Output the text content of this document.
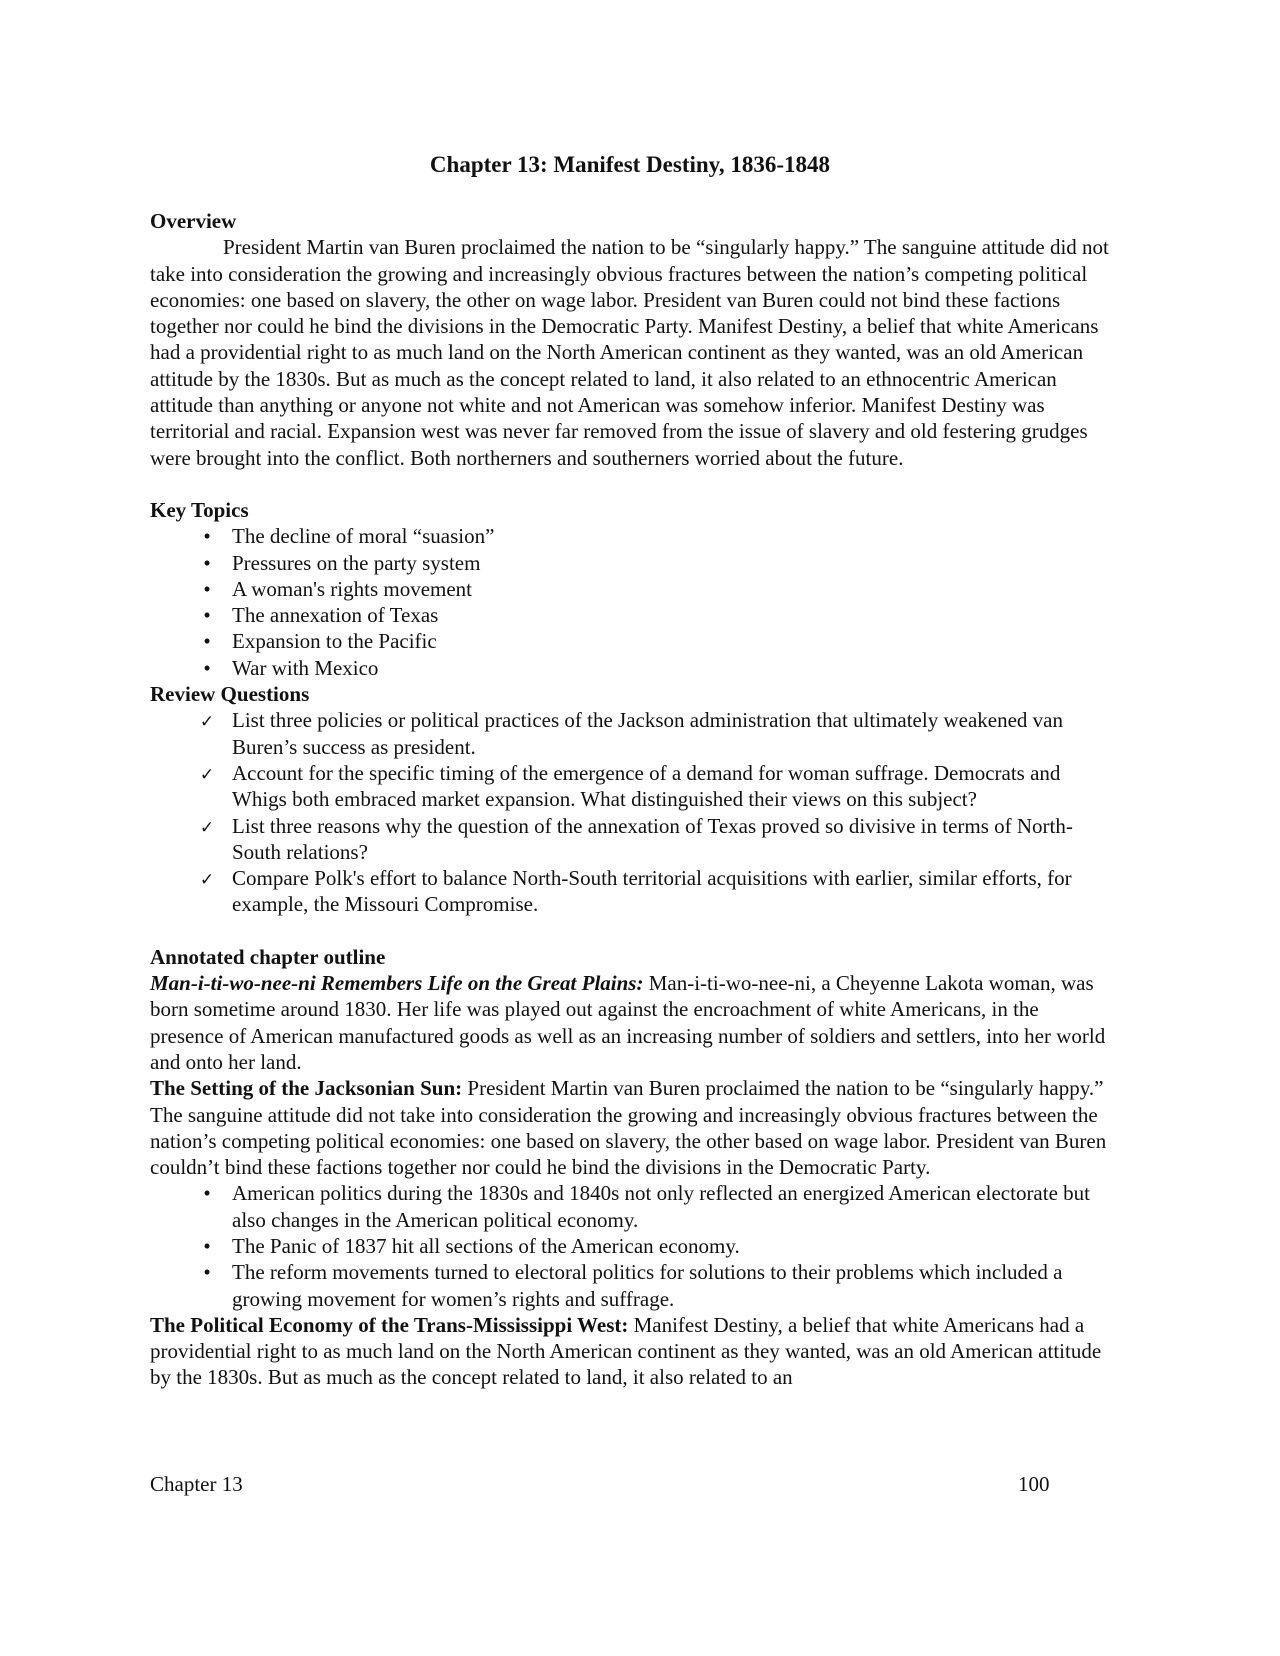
Chapter 13: Manifest Destiny, 1836-1848
Overview

President Martin van Buren proclaimed the nation to be “singularly happy.” The sanguine attitude did not take into consideration the growing and increasingly obvious fractures between the nation’s competing political economies: one based on slavery, the other on wage labor. President van Buren could not bind these factions together nor could he bind the divisions in the Democratic Party. Manifest Destiny, a belief that white Americans had a providential right to as much land on the North American continent as they wanted, was an old American attitude by the 1830s. But as much as the concept related to land, it also related to an ethnocentric American attitude than anything or anyone not white and not American was somehow inferior. Manifest Destiny was territorial and racial. Expansion west was never far removed from the issue of slavery and old festering grudges were brought into the conflict. Both northerners and southerners worried about the future.

Key Topics
•
The decline of moral “suasion”
•
Pressures on the party system
•
A woman's rights movement
•
The annexation of Texas
•
Expansion to the Pacific
•
War with Mexico
Review Questions
✓
List three policies or political practices of the Jackson administration that ultimately weakened van Buren’s success as president.
✓
Account for the specific timing of the emergence of a demand for woman suffrage. Democrats and Whigs both embraced market expansion. What distinguished their views on this subject?
✓
List three reasons why the question of the annexation of Texas proved so divisive in terms of North-South relations?
✓
Compare Polk's effort to balance North-South territorial acquisitions with earlier, similar efforts, for example, the Missouri Compromise.
Annotated chapter outline

Man-i-ti-wo-nee-ni Remembers Life on the Great Plains: Man-i-ti-wo-nee-ni, a Cheyenne Lakota woman, was born sometime around 1830. Her life was played out against the encroachment of white Americans, in the presence of American manufactured goods as well as an increasing number of soldiers and settlers, into her world and onto her land.

The Setting of the Jacksonian Sun: President Martin van Buren proclaimed the nation to be “singularly happy.” The sanguine attitude did not take into consideration the growing and increasingly obvious fractures between the nation’s competing political economies: one based on slavery, the other based on wage labor. President van Buren couldn’t bind these factions together nor could he bind the divisions in the Democratic Party.

•
American politics during the 1830s and 1840s not only reflected an energized American electorate but also changes in the American political economy.
•
The Panic of 1837 hit all sections of the American economy.
•
The reform movements turned to electoral politics for solutions to their problems which included a growing movement for women’s rights and suffrage.

The Political Economy of the Trans-Mississippi West: Manifest Destiny, a belief that white Americans had a providential right to as much land on the North American continent as they wanted, was an old American attitude by the 1830s. But as much as the concept related to land, it also related to an

Chapter 13	100
